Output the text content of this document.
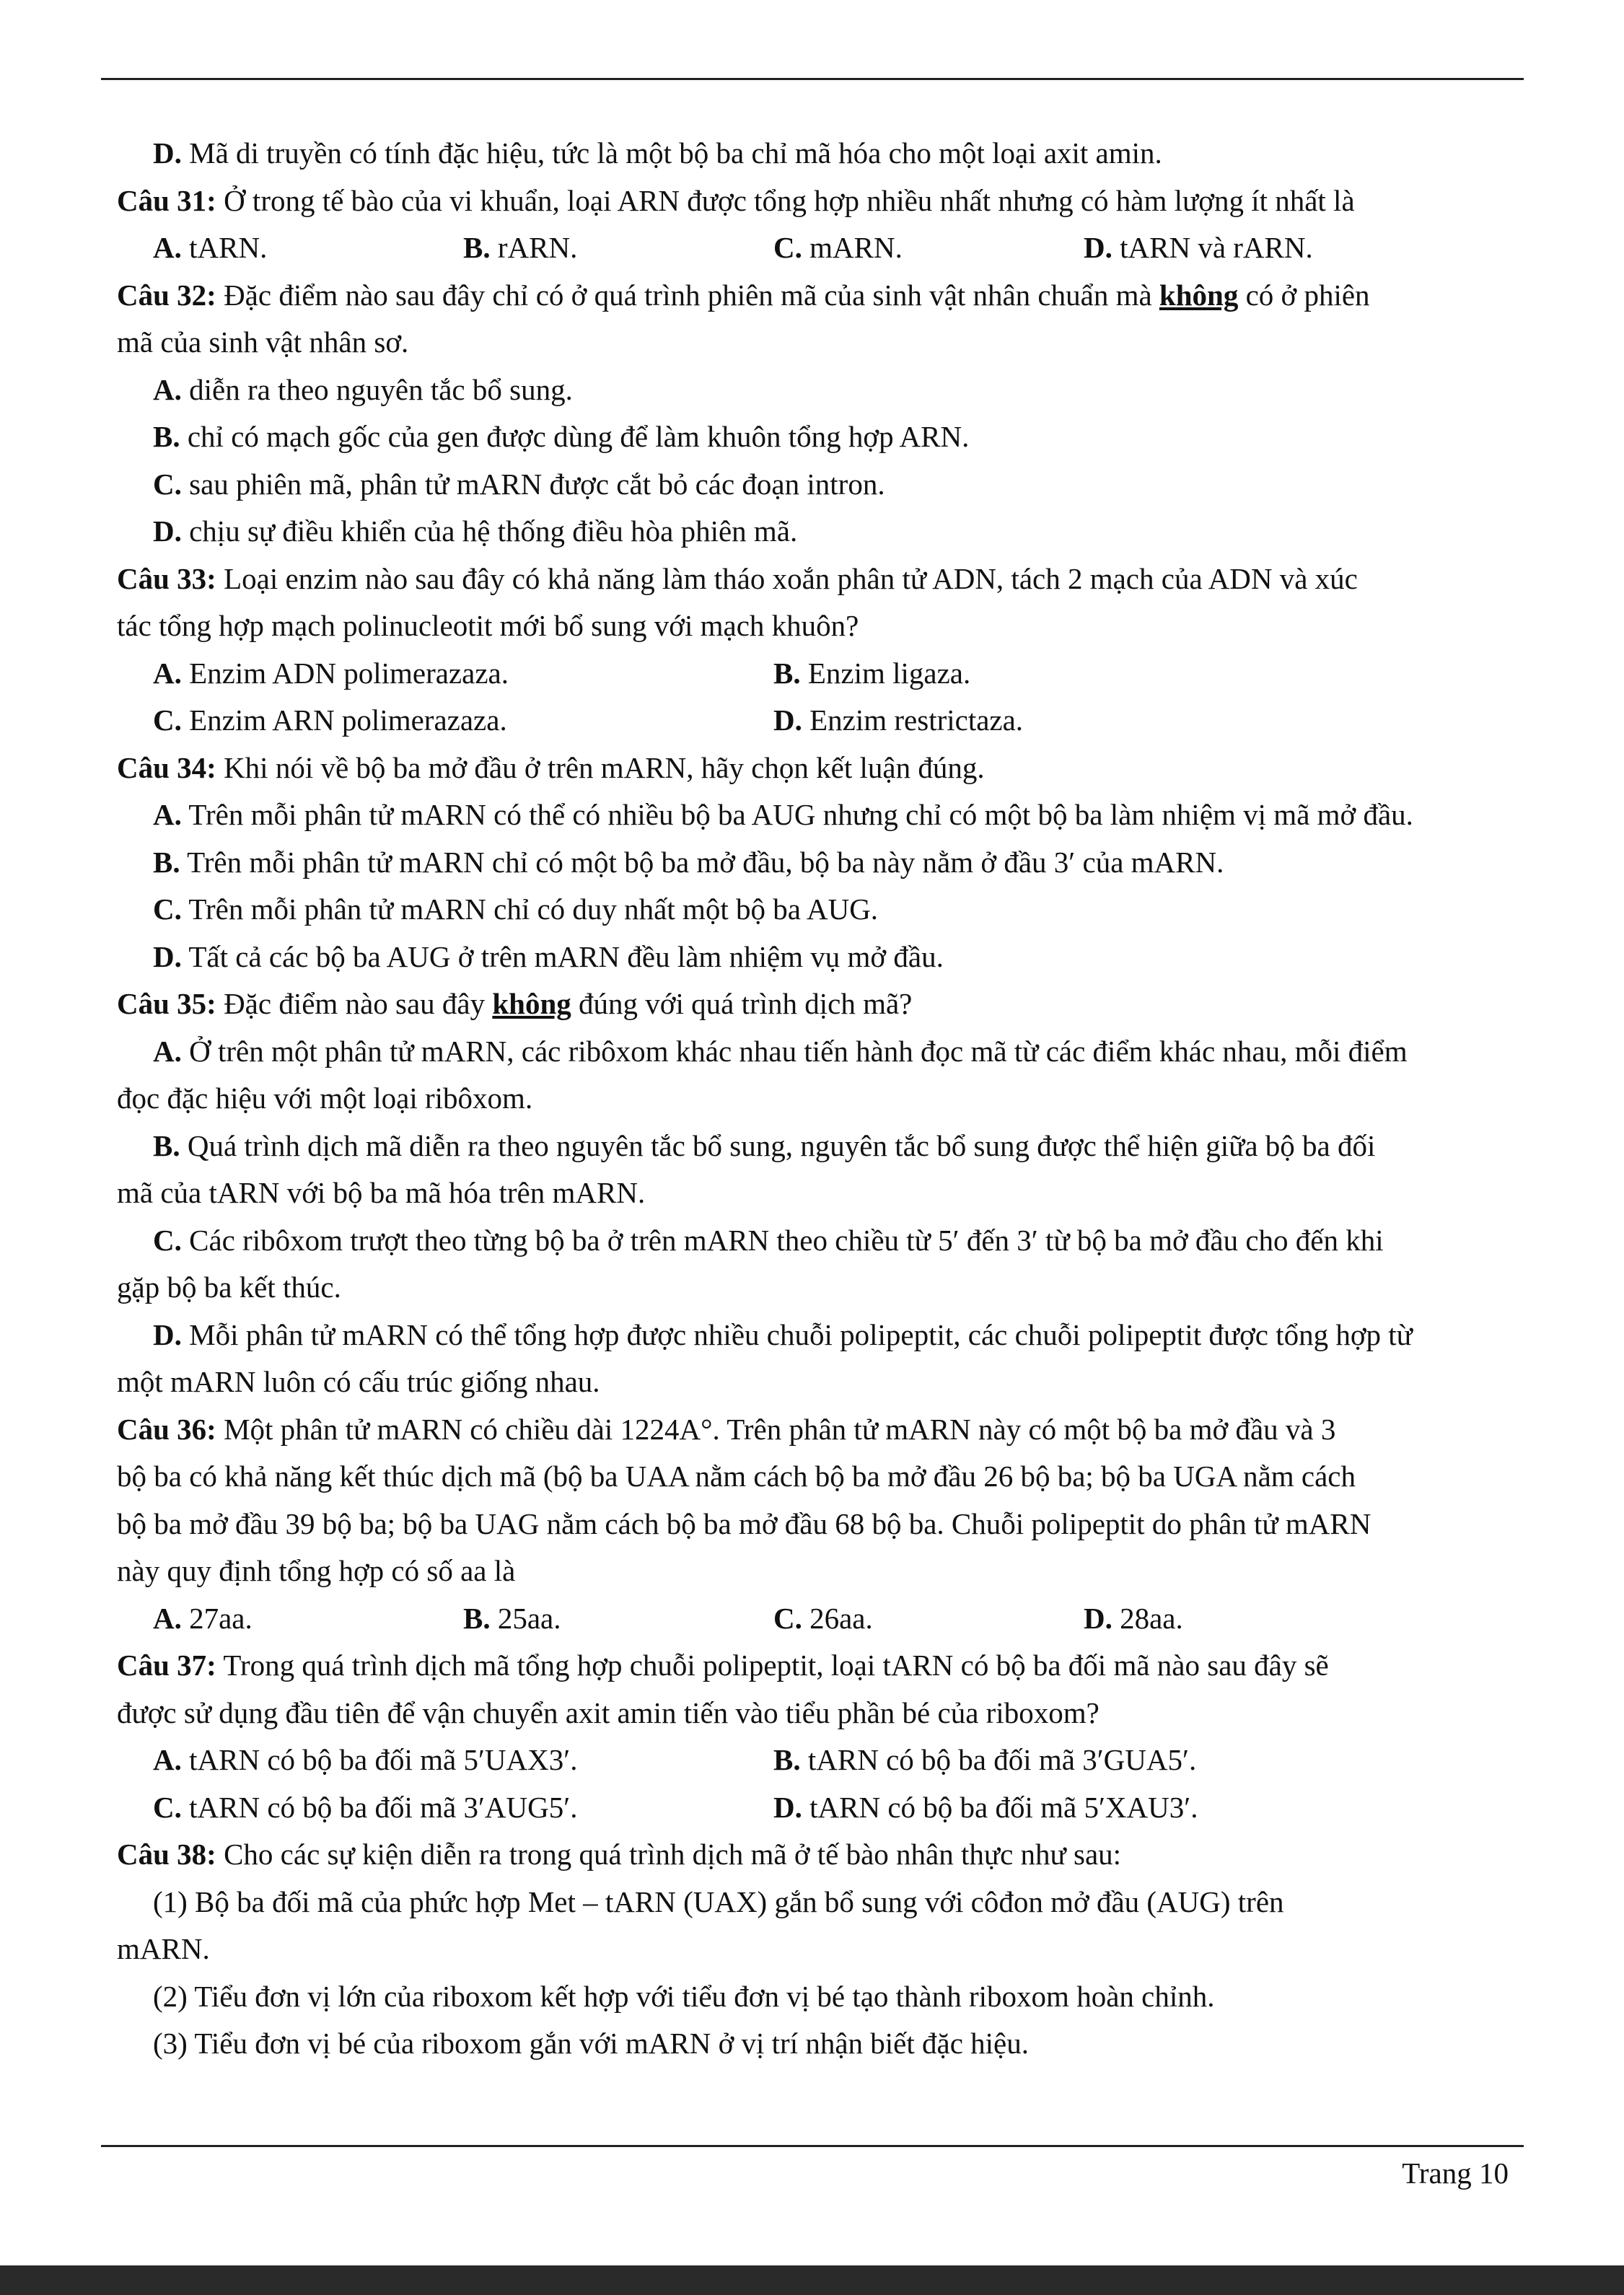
D. Mã di truyền có tính đặc hiệu, tức là một bộ ba chỉ mã hóa cho một loại axit amin.

Câu 31: Ở trong tế bào của vi khuẩn, loại ARN được tổng hợp nhiều nhất nhưng có hàm lượng ít nhất là

A. tARN.	B. rARN.	C. mARN.	D. tARN và rARN.

Câu 32: Đặc điểm nào sau đây chỉ có ở quá trình phiên mã của sinh vật nhân chuẩn mà không có ở phiên

mã của sinh vật nhân sơ.

A. diễn ra theo nguyên tắc bổ sung.

B. chỉ có mạch gốc của gen được dùng để làm khuôn tổng hợp ARN.

C. sau phiên mã, phân tử mARN được cắt bỏ các đoạn intron.

D. chịu sự điều khiển của hệ thống điều hòa phiên mã.

Câu 33: Loại enzim nào sau đây có khả năng làm tháo xoắn phân tử ADN, tách 2 mạch của ADN và xúc

tác tổng hợp mạch polinucleotit mới bổ sung với mạch khuôn?

A. Enzim ADN polimerazaza.	B. Enzim ligaza.
C. Enzim ARN polimerazaza.	D. Enzim restrictaza.

Câu 34: Khi nói về bộ ba mở đầu ở trên mARN, hãy chọn kết luận đúng.

A. Trên mỗi phân tử mARN có thể có nhiều bộ ba AUG nhưng chỉ có một bộ ba làm nhiệm vị mã mở đầu.

B. Trên mỗi phân tử mARN chỉ có một bộ ba mở đầu, bộ ba này nằm ở đầu 3′ của mARN.

C. Trên mỗi phân tử mARN chỉ có duy nhất một bộ ba AUG.

D. Tất cả các bộ ba AUG ở trên mARN đều làm nhiệm vụ mở đầu.

Câu 35: Đặc điểm nào sau đây không đúng với quá trình dịch mã?

A. Ở trên một phân tử mARN, các ribôxom khác nhau tiến hành đọc mã từ các điểm khác nhau, mỗi điểm

đọc đặc hiệu với một loại ribôxom.

B. Quá trình dịch mã diễn ra theo nguyên tắc bổ sung, nguyên tắc bổ sung được thể hiện giữa bộ ba đối

mã của tARN với bộ ba mã hóa trên mARN.

C. Các ribôxom trượt theo từng bộ ba ở trên mARN theo chiều từ 5′ đến 3′ từ bộ ba mở đầu cho đến khi

gặp bộ ba kết thúc.

D. Mỗi phân tử mARN có thể tổng hợp được nhiều chuỗi polipeptit, các chuỗi polipeptit được tổng hợp từ

một mARN luôn có cấu trúc giống nhau.

Câu 36: Một phân tử mARN có chiều dài 1224A°. Trên phân tử mARN này có một bộ ba mở đầu và 3

bộ ba có khả năng kết thúc dịch mã (bộ ba UAA nằm cách bộ ba mở đầu 26 bộ ba; bộ ba UGA nằm cách

bộ ba mở đầu 39 bộ ba; bộ ba UAG nằm cách bộ ba mở đầu 68 bộ ba. Chuỗi polipeptit do phân tử mARN

này quy định tổng hợp có số aa là

A. 27aa.	B. 25aa.	C. 26aa.	D. 28aa.

Câu 37: Trong quá trình dịch mã tổng hợp chuỗi polipeptit, loại tARN có bộ ba đối mã nào sau đây sẽ

được sử dụng đầu tiên để vận chuyển axit amin tiến vào tiểu phần bé của riboxom?

A. tARN có bộ ba đối mã 5′UAX3′.	B. tARN có bộ ba đối mã 3′GUA5′.
C. tARN có bộ ba đối mã 3′AUG5′.	D. tARN có bộ ba đối mã 5′XAU3′.

Câu 38: Cho các sự kiện diễn ra trong quá trình dịch mã ở tế bào nhân thực như sau:

(1) Bộ ba đối mã của phức hợp Met – tARN (UAX) gắn bổ sung với côđon mở đầu (AUG) trên

mARN.

(2) Tiểu đơn vị lớn của riboxom kết hợp với tiểu đơn vị bé tạo thành riboxom hoàn chỉnh.

(3) Tiểu đơn vị bé của riboxom gắn với mARN ở vị trí nhận biết đặc hiệu.

Trang 10
